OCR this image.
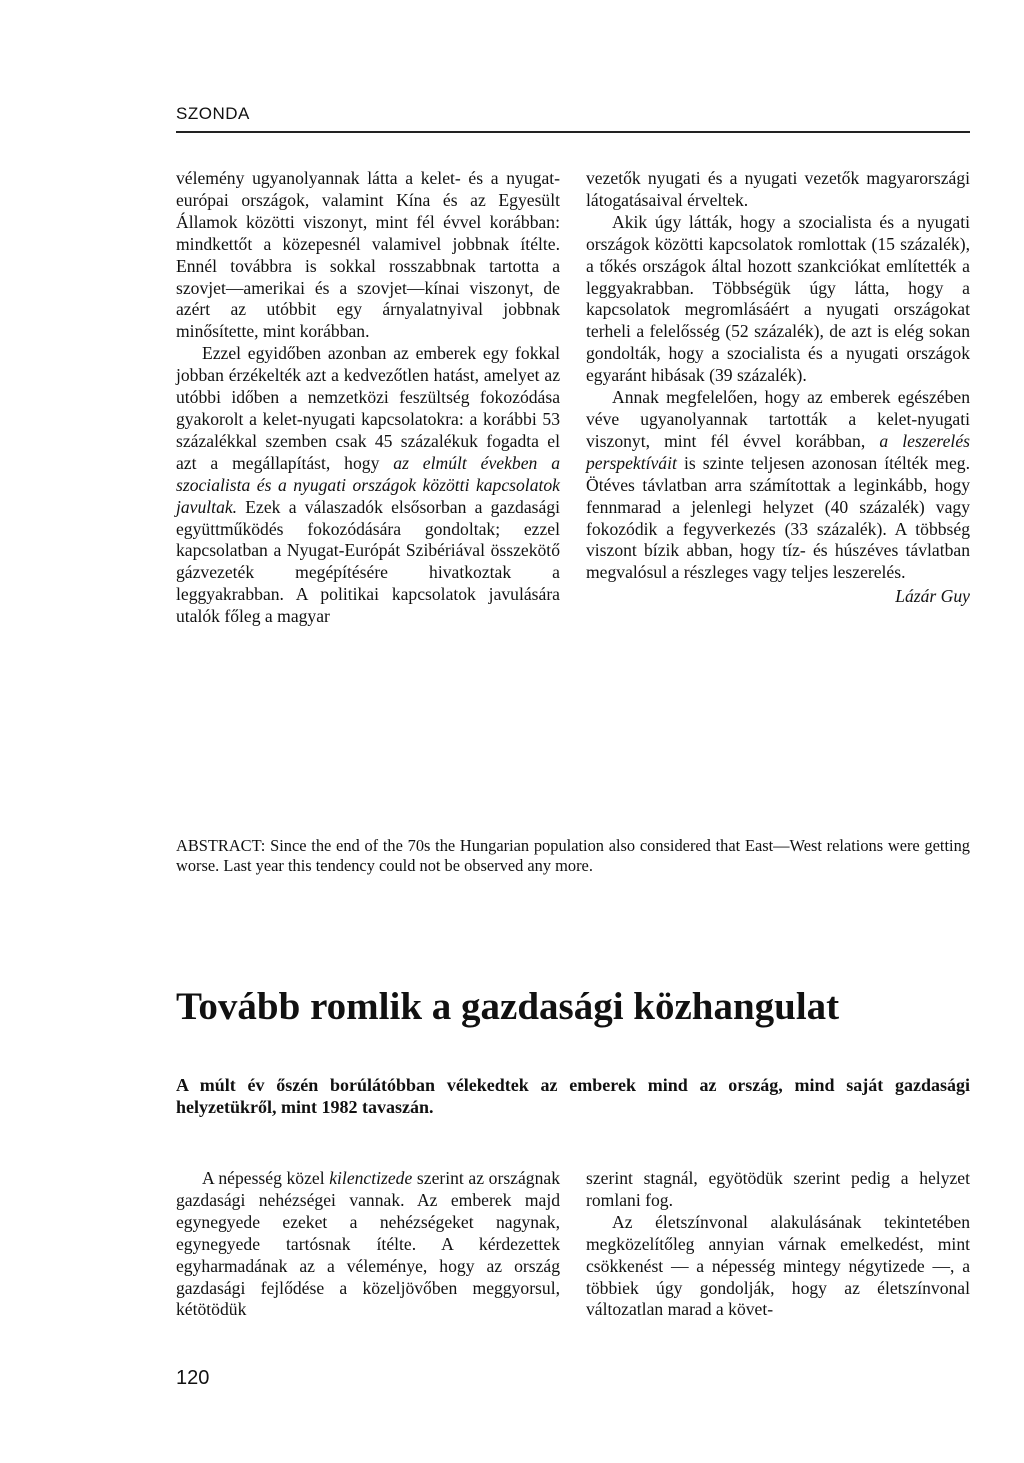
SZONDA

vélemény ugyanolyannak látta a kelet- és a nyugat-európai országok, valamint Kína és az Egyesült Államok közötti viszonyt, mint fél évvel korábban: mindkettőt a közepesnél valamivel jobbnak ítélte. Ennél továbbra is sokkal rosszabbnak tartotta a szovjet—amerikai és a szovjet—kínai viszonyt, de azért az utóbbit egy árnyalatnyival jobbnak minősítette, mint korábban.

Ezzel egyidőben azonban az emberek egy fokkal jobban érzékelték azt a kedvezőtlen hatást, amelyet az utóbbi időben a nemzetközi feszültség fokozódása gyakorolt a kelet-nyugati kapcsolatokra: a korábbi 53 százalékkal szemben csak 45 százalékuk fogadta el azt a megállapítást, hogy az elmúlt években a szocialista és a nyugati országok közötti kapcsolatok javultak. Ezek a válaszadók elsősorban a gazdasági együttműködés fokozódására gondoltak; ezzel kapcsolatban a Nyugat-Európát Szibériával összekötő gázvezeték megépítésére hivatkoztak a leggyakrabban. A politikai kapcsolatok javulására utalók főleg a magyar

vezetők nyugati és a nyugati vezetők magyarországi látogatásaival érveltek.

Akik úgy látták, hogy a szocialista és a nyugati országok közötti kapcsolatok romlottak (15 százalék), a tőkés országok által hozott szankciókat említették a leggyakrabban. Többségük úgy látta, hogy a kapcsolatok megromlásáért a nyugati országokat terheli a felelősség (52 százalék), de azt is elég sokan gondolták, hogy a szocialista és a nyugati országok egyaránt hibásak (39 százalék).

Annak megfelelően, hogy az emberek egészében véve ugyanolyannak tartották a kelet-nyugati viszonyt, mint fél évvel korábban, a leszerelés perspektíváit is szinte teljesen azonosan ítélték meg. Ötéves távlatban arra számítottak a leginkább, hogy fennmarad a jelenlegi helyzet (40 százalék) vagy fokozódik a fegyverkezés (33 százalék). A többség viszont bízik abban, hogy tíz- és húszéves távlatban megvalósul a részleges vagy teljes leszerelés.

Lázár Guy
ABSTRACT: Since the end of the 70s the Hungarian population also considered that East—West relations were getting worse. Last year this tendency could not be observed any more.
Tovább romlik a gazdasági közhangulat

A múlt év őszén borúlátóbban vélekedtek az emberek mind az ország, mind saját gazdasági helyzetükről, mint 1982 tavaszán.

A népesség közel kilenctizede szerint az országnak gazdasági nehézségei vannak. Az emberek majd egynegyede ezeket a nehézségeket nagynak, egynegyede tartósnak ítélte. A kérdezettek egyharmadának az a véleménye, hogy az ország gazdasági fejlődése a közeljövőben meggyorsul, kétötödük

szerint stagnál, egyötödük szerint pedig a helyzet romlani fog.

Az életszínvonal alakulásának tekintetében megközelítőleg annyian várnak emelkedést, mint csökkenést — a népesség mintegy négytizede —, a többiek úgy gondolják, hogy az életszínvonal változatlan marad a követ-

120
